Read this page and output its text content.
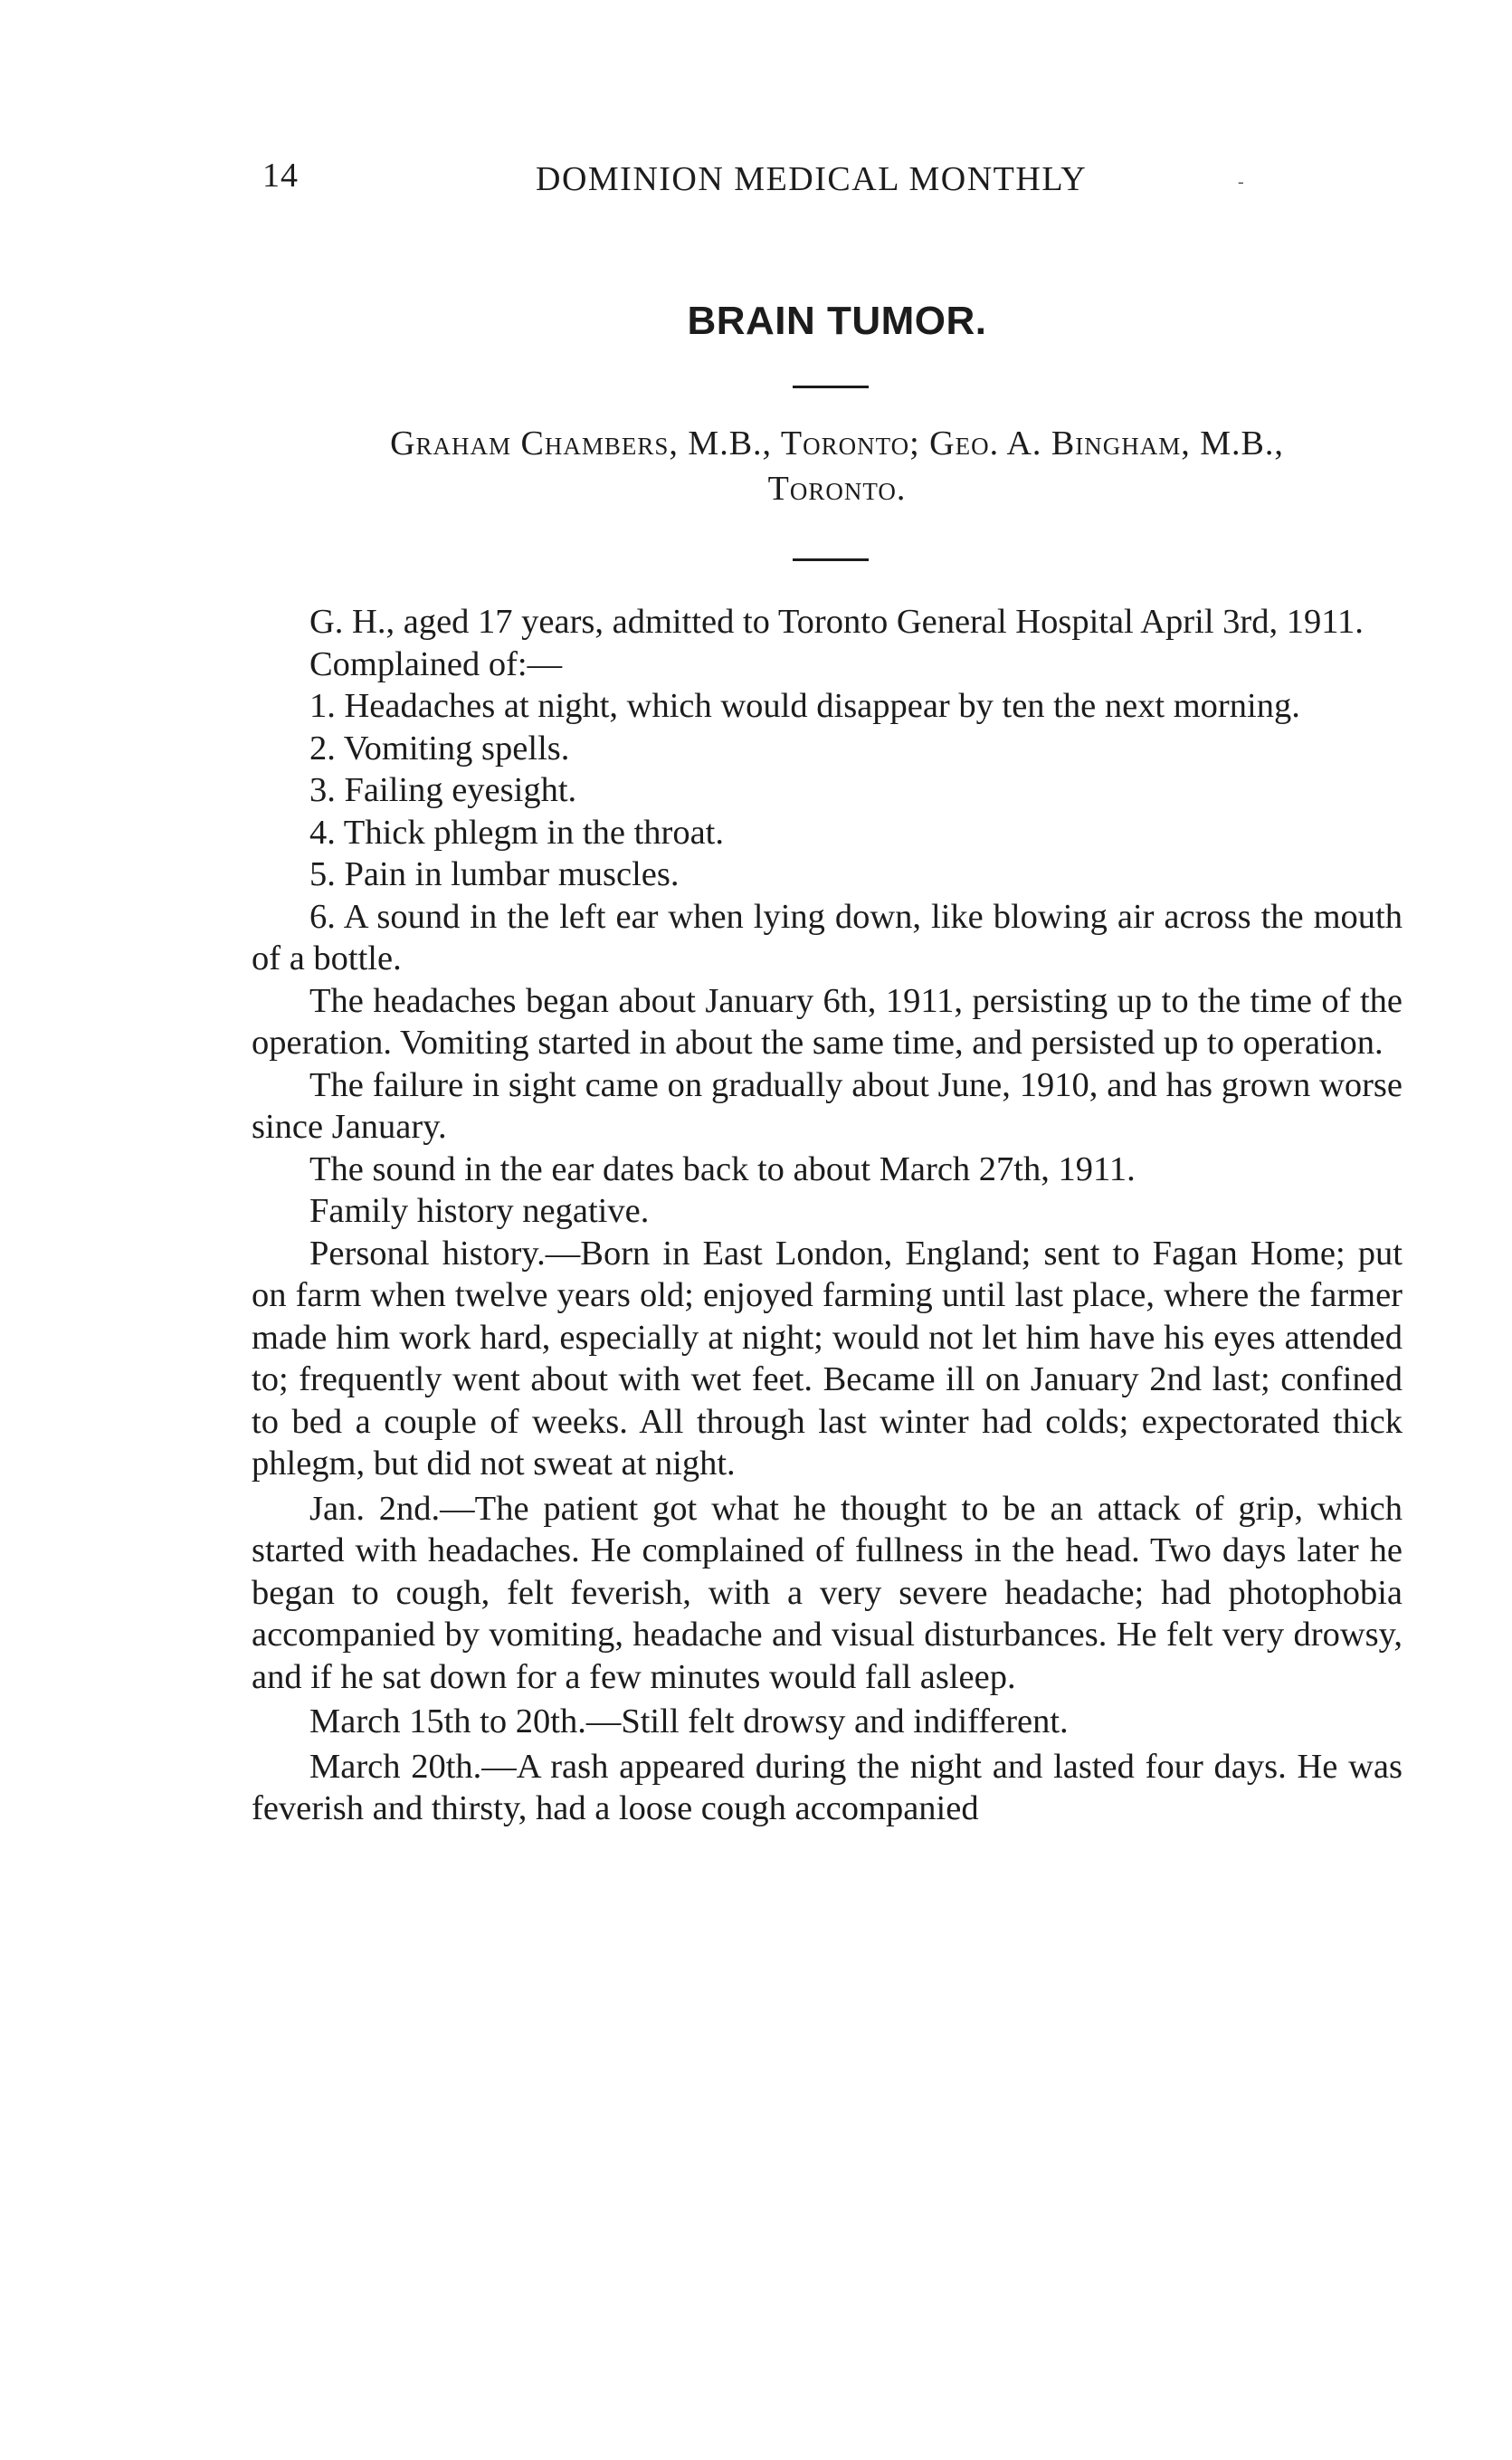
14	DOMINION MEDICAL MONTHLY	-
BRAIN TUMOR.
Graham Chambers, M.B., Toronto; Geo. A. Bingham, M.B.,
Toronto.

G. H., aged 17 years, admitted to Toronto General Hospital April 3rd, 1911.

Complained of:—

1. Headaches at night, which would disappear by ten the next morning.

2. Vomiting spells.

3. Failing eyesight.

4. Thick phlegm in the throat.

5. Pain in lumbar muscles.

6. A sound in the left ear when lying down, like blowing air across the mouth of a bottle.

The headaches began about January 6th, 1911, persisting up to the time of the operation. Vomiting started in about the same time, and persisted up to operation.

The failure in sight came on gradually about June, 1910, and has grown worse since January.

The sound in the ear dates back to about March 27th, 1911.

Family history negative.

Personal history.—Born in East London, England; sent to Fagan Home; put on farm when twelve years old; enjoyed farming until last place, where the farmer made him work hard, especially at night; would not let him have his eyes attended to; frequently went about with wet feet. Became ill on January 2nd last; confined to bed a couple of weeks. All through last winter had colds; expectorated thick phlegm, but did not sweat at night.

Jan. 2nd.—The patient got what he thought to be an attack of grip, which started with headaches. He complained of fullness in the head. Two days later he began to cough, felt feverish, with a very severe headache; had photophobia accompanied by vomiting, headache and visual disturbances. He felt very drowsy, and if he sat down for a few minutes would fall asleep.

March 15th to 20th.—Still felt drowsy and indifferent.

March 20th.—A rash appeared during the night and lasted four days. He was feverish and thirsty, had a loose cough accompanied
